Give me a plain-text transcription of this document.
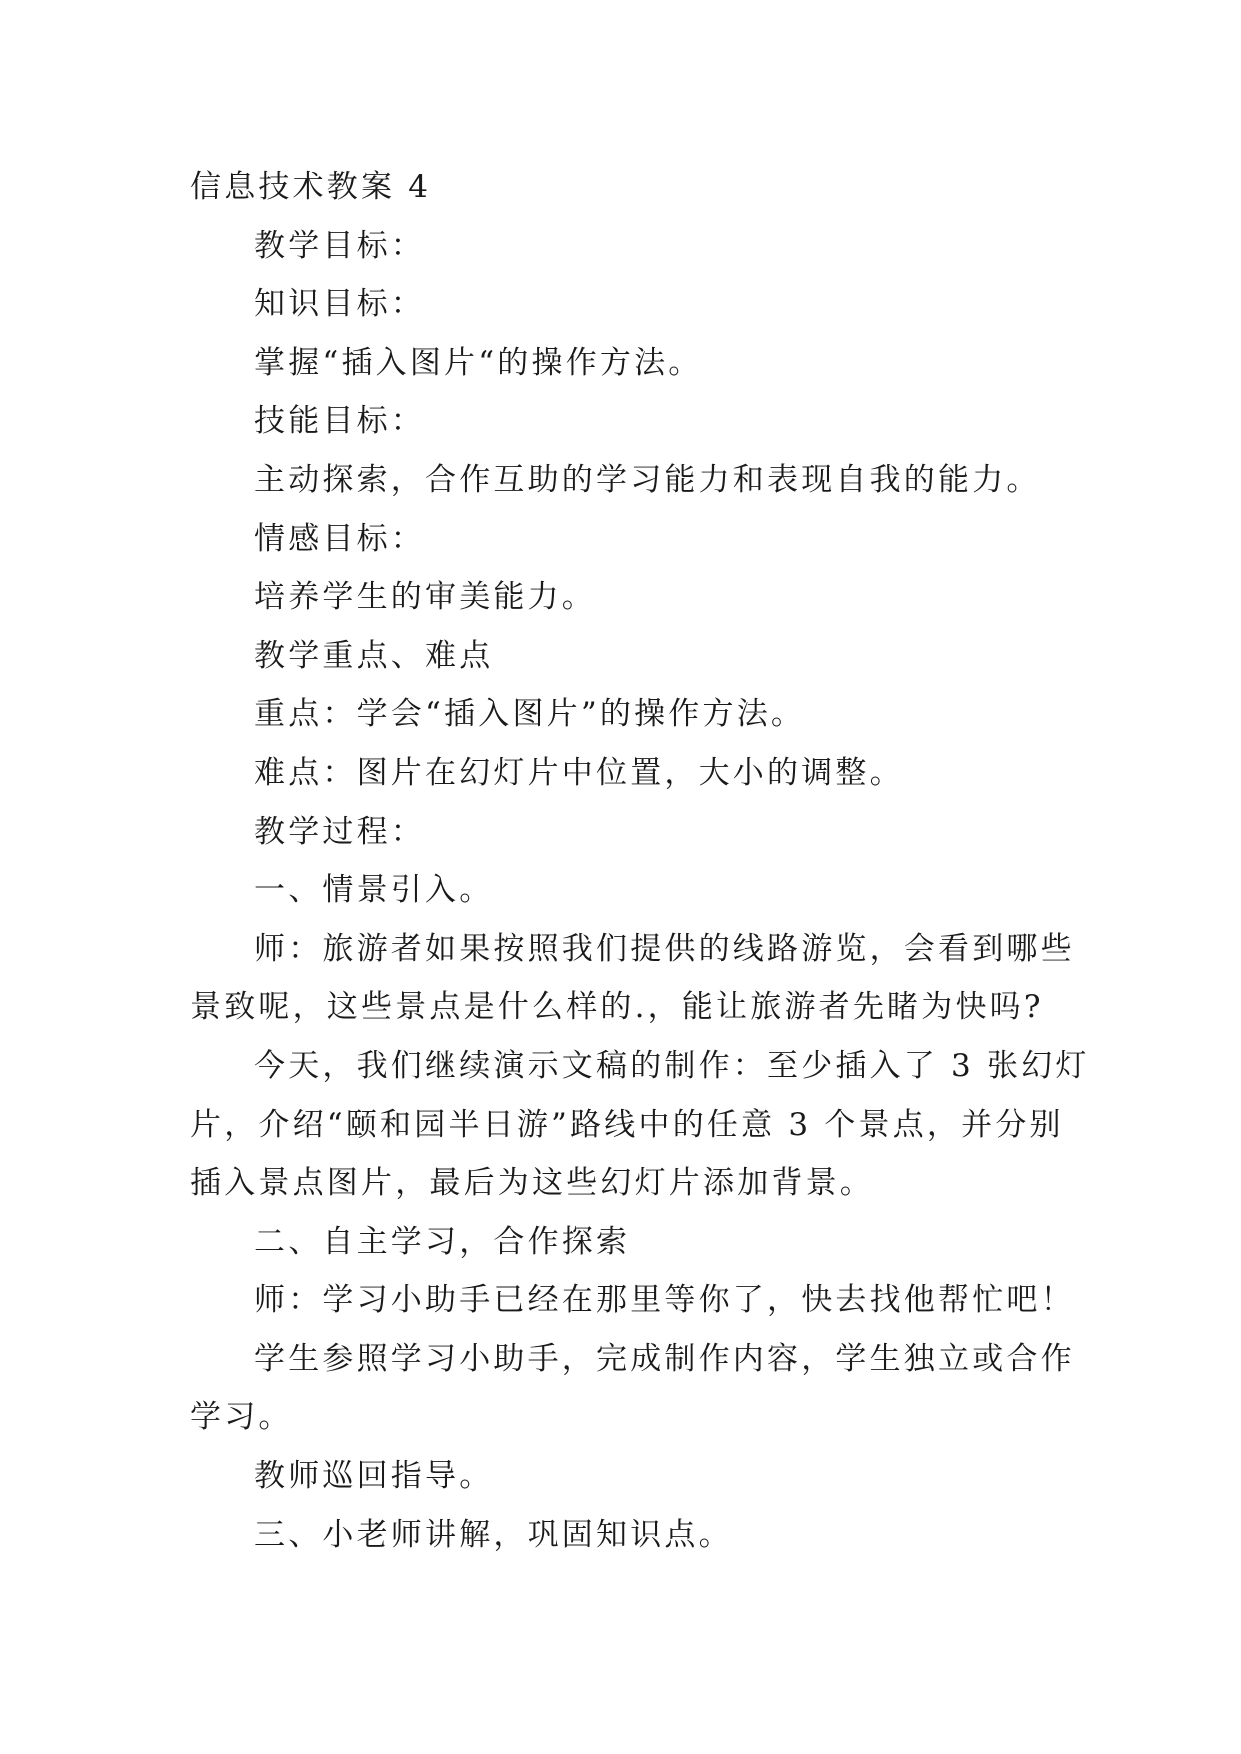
信息技术教案 4

教学目标：

知识目标：

掌握“插入图片“的操作方法。

技能目标：

主动探索，合作互助的学习能力和表现自我的能力。

情感目标：

培养学生的审美能力。

教学重点、难点

重点：学会“插入图片”的操作方法。

难点：图片在幻灯片中位置，大小的调整。

教学过程：

一、情景引入。

师：旅游者如果按照我们提供的线路游览，会看到哪些

景致呢，这些景点是什么样的.，能让旅游者先睹为快吗?

今天，我们继续演示文稿的制作：至少插入了 3 张幻灯

片，介绍“颐和园半日游”路线中的任意 3 个景点，并分别

插入景点图片，最后为这些幻灯片添加背景。

二、自主学习，合作探索

师：学习小助手已经在那里等你了，快去找他帮忙吧！

学生参照学习小助手，完成制作内容，学生独立或合作

学习。

教师巡回指导。

三、小老师讲解，巩固知识点。
